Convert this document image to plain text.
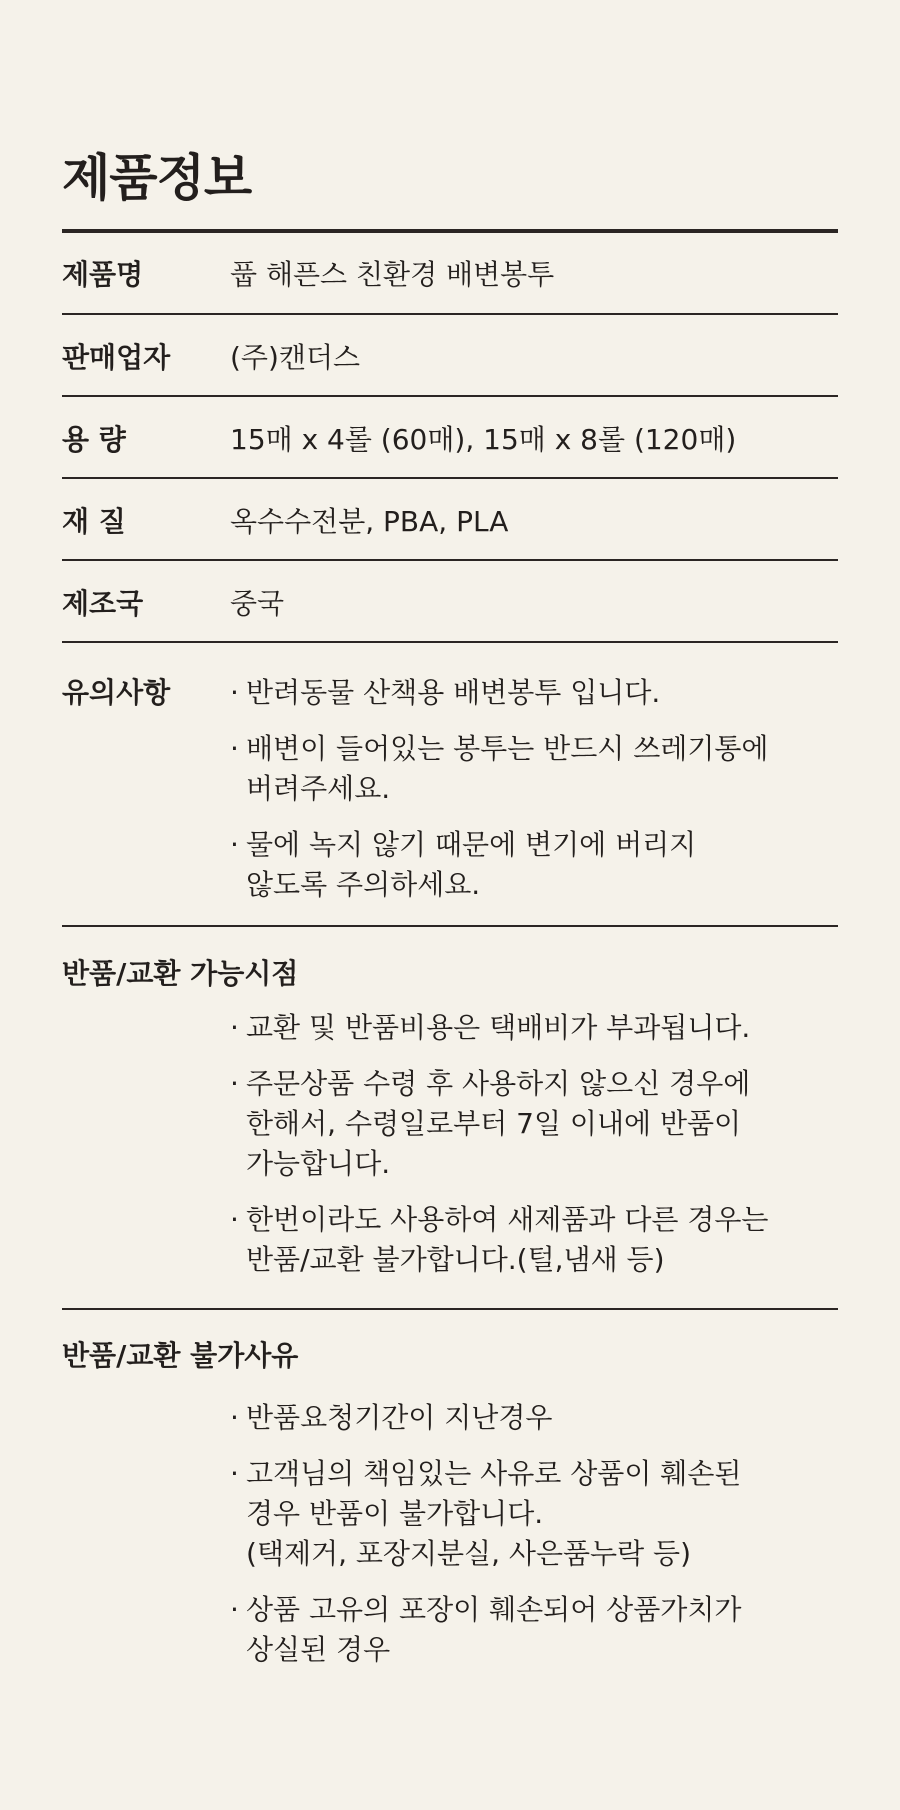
제품정보
제품명	풉 해픈스 친환경 배변봉투
판매업자 (주)캔더스
용 량	15매 x 4롤 (60매), 15매 x 8롤 (120매)
재 질	옥수수전분, PBA, PLA
제조국	중국
유의사항
·	반려동물 산책용 배변봉투 입니다.
· 배변이 들어있는 봉투는 반드시 쓰레기통에
버려주세요.
· 물에 녹지 않기 때문에 변기에 버리지
않도록 주의하세요.
반품/교환 가능시점
· 교환 및 반품비용은 택배비가 부과됩니다.
· 주문상품 수령 후 사용하지 않으신 경우에
한해서, 수령일로부터 7일 이내에 반품이
가능합니다.
· 한번이라도 사용하여 새제품과 다른 경우는
반품/교환 불가합니다.(털,냄새 등)
반품/교환 불가사유
· 반품요청기간이 지난경우
· 고객님의 책임있는 사유로 상품이 훼손된
경우 반품이 불가합니다.
(택제거, 포장지분실, 사은품누락 등)
· 상품 고유의 포장이 훼손되어 상품가치가
상실된 경우
